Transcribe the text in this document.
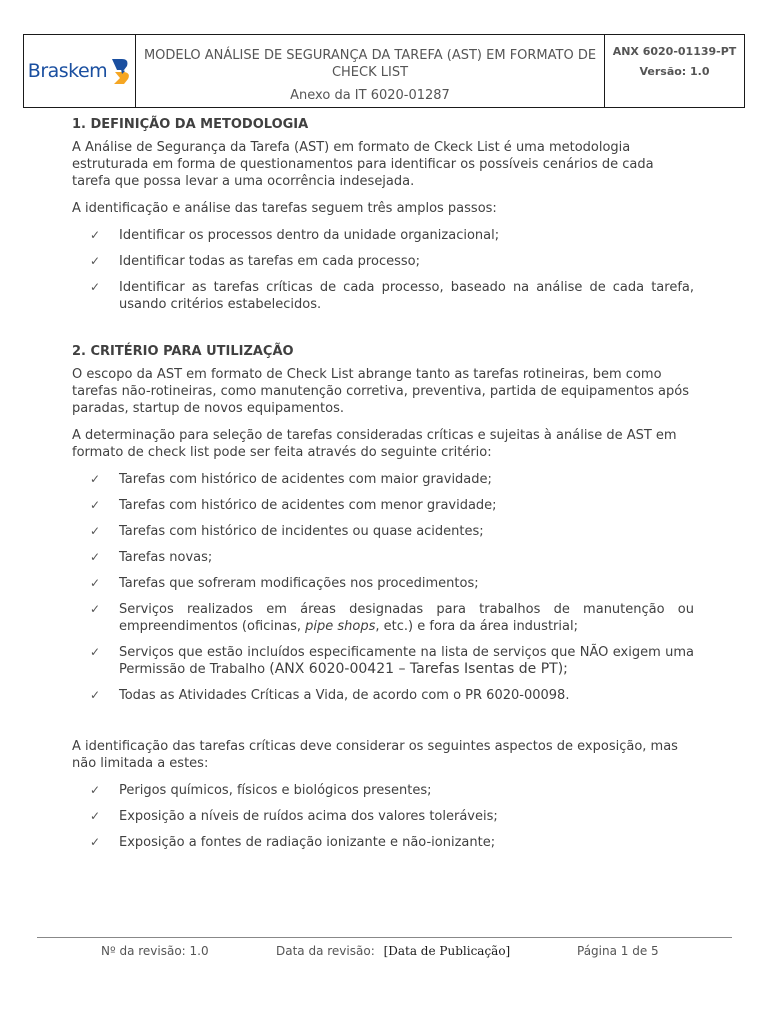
Braskem
MODELO ANÁLISE DE SEGURANÇA DA TAREFA (AST) EM FORMATO DE
CHECK LIST
Anexo da IT 6020-01287
ANX 6020-01139-PT
Versão: 1.0
1. DEFINIÇÃO DA METODOLOGIA

A Análise de Segurança da Tarefa (AST) em formato de Ckeck List é uma metodologia estruturada em forma de questionamentos para identificar os possíveis cenários de cada tarefa que possa levar a uma ocorrência indesejada.

A identificação e análise das tarefas seguem três amplos passos:

✓ Identificar os processos dentro da unidade organizacional;
✓ Identificar todas as tarefas em cada processo;
✓ Identificar as tarefas críticas de cada processo, baseado na análise de cada tarefa, usando critérios estabelecidos.
2. CRITÉRIO PARA UTILIZAÇÃO

O escopo da AST em formato de Check List abrange tanto as tarefas rotineiras, bem como tarefas não-rotineiras, como manutenção corretiva, preventiva, partida de equipamentos após paradas, startup de novos equipamentos.

A determinação para seleção de tarefas consideradas críticas e sujeitas à análise de AST em formato de check list pode ser feita através do seguinte critério:

✓ Tarefas com histórico de acidentes com maior gravidade;
✓ Tarefas com histórico de acidentes com menor gravidade;
✓ Tarefas com histórico de incidentes ou quase acidentes;
✓ Tarefas novas;
✓ Tarefas que sofreram modificações nos procedimentos;
✓ Serviços realizados em áreas designadas para trabalhos de manutenção ou empreendimentos (oficinas, pipe shops, etc.) e fora da área industrial;
✓ Serviços que estão incluídos especificamente na lista de serviços que NÃO exigem uma Permissão de Trabalho (ANX 6020-00421 – Tarefas Isentas de PT);
✓ Todas as Atividades Críticas a Vida, de acordo com o PR 6020-00098.

A identificação das tarefas críticas deve considerar os seguintes aspectos de exposição, mas não limitada a estes:

✓ Perigos químicos, físicos e biológicos presentes;
✓ Exposição a níveis de ruídos acima dos valores toleráveis;
✓ Exposição a fontes de radiação ionizante e não-ionizante;
Nº da revisão: 1.0	Data da revisão: [Data de Publicação]	Página 1 de 5
